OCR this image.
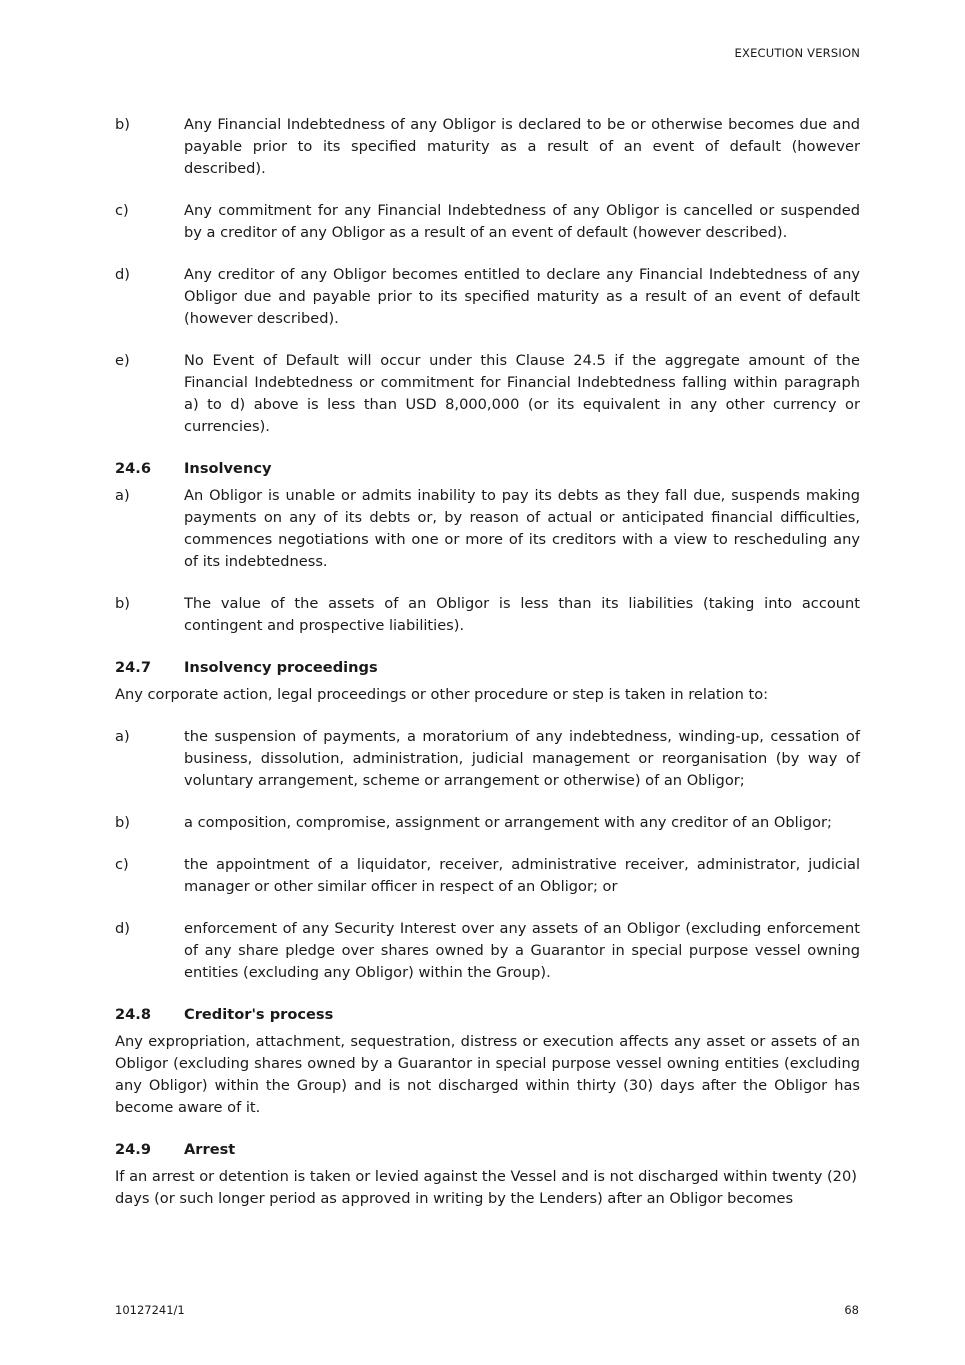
EXECUTION VERSION
b)	Any Financial Indebtedness of any Obligor is declared to be or otherwise becomes due and payable prior to its specified maturity as a result of an event of default (however described).
c)	Any commitment for any Financial Indebtedness of any Obligor is cancelled or suspended by a creditor of any Obligor as a result of an event of default (however described).
d)	Any creditor of any Obligor becomes entitled to declare any Financial Indebtedness of any Obligor due and payable prior to its specified maturity as a result of an event of default (however described).
e)	No Event of Default will occur under this Clause 24.5 if the aggregate amount of the Financial Indebtedness or commitment for Financial Indebtedness falling within paragraph a) to d) above is less than USD 8,000,000 (or its equivalent in any other currency or currencies).
24.6	Insolvency
a)	An Obligor is unable or admits inability to pay its debts as they fall due, suspends making payments on any of its debts or, by reason of actual or anticipated financial difficulties, commences negotiations with one or more of its creditors with a view to rescheduling any of its indebtedness.
b)	The value of the assets of an Obligor is less than its liabilities (taking into account contingent and prospective liabilities).
24.7	Insolvency proceedings
Any corporate action, legal proceedings or other procedure or step is taken in relation to:
a)	the suspension of payments, a moratorium of any indebtedness, winding-up, cessation of business, dissolution, administration, judicial management or reorganisation (by way of voluntary arrangement, scheme or arrangement or otherwise) of an Obligor;
b)	a composition, compromise, assignment or arrangement with any creditor of an Obligor;
c)	the appointment of a liquidator, receiver, administrative receiver, administrator, judicial manager or other similar officer in respect of an Obligor; or
d)	enforcement of any Security Interest over any assets of an Obligor (excluding enforcement of any share pledge over shares owned by a Guarantor in special purpose vessel owning entities (excluding any Obligor) within the Group).
24.8	Creditor's process
Any expropriation, attachment, sequestration, distress or execution affects any asset or assets of an Obligor (excluding shares owned by a Guarantor in special purpose vessel owning entities (excluding any Obligor) within the Group) and is not discharged within thirty (30) days after the Obligor has become aware of it.
24.9	Arrest
If an arrest or detention is taken or levied against the Vessel and is not discharged within twenty (20) days (or such longer period as approved in writing by the Lenders) after an Obligor becomes
10127241/1	68
